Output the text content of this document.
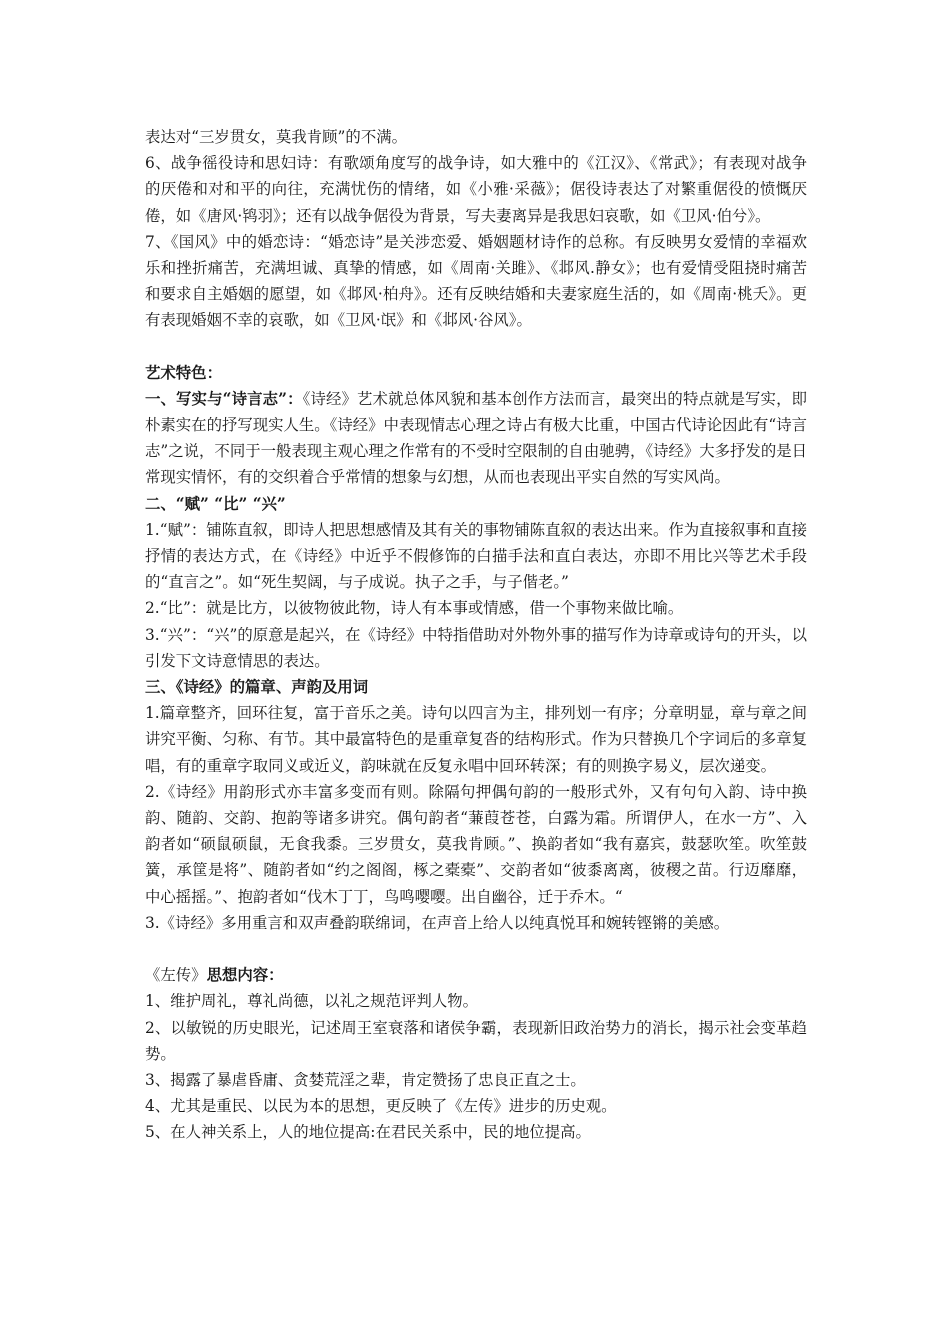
表达对“三岁贯女，莫我肯顾”的不满。

6、战争徭役诗和思妇诗：有歌颂角度写的战争诗，如大雅中的《江汉》、《常武》；有表现对战争的厌倦和对和平的向往，充满忧伤的情绪，如《小雅·采薇》；倨役诗表达了对繁重倨役的愤慨厌倦，如《唐风·鸨羽》；还有以战争倨役为背景，写夫妻离异是我思妇哀歌，如《卫风·伯兮》。

7、《国风》中的婚恋诗：“婚恋诗”是关涉恋爱、婚姻题材诗作的总称。有反映男女爱情的幸福欢乐和挫折痛苦，充满坦诚、真挚的情感，如《周南·关雎》、《邶风.静女》；也有爱情受阻挠时痛苦和要求自主婚姻的愿望，如《邶风·柏舟》。还有反映结婚和夫妻家庭生活的，如《周南·桃夭》。更有表现婚姻不幸的哀歌，如《卫风·氓》和《邶风·谷风》。

艺术特色：

一、写实与“诗言志”：《诗经》艺术就总体风貌和基本创作方法而言，最突出的特点就是写实，即朴素实在的抒写现实人生。《诗经》中表现情志心理之诗占有极大比重，中国古代诗论因此有“诗言志”之说，不同于一般表现主观心理之作常有的不受时空限制的自由驰骋，《诗经》大多抒发的是日常现实情怀，有的交织着合乎常情的想象与幻想，从而也表现出平实自然的写实风尚。

二、“赋” “比” “兴”

1.“赋”：铺陈直叙，即诗人把思想感情及其有关的事物铺陈直叙的表达出来。作为直接叙事和直接抒情的表达方式，在《诗经》中近乎不假修饰的白描手法和直白表达，亦即不用比兴等艺术手段的“直言之”。如“死生契阔，与子成说。执子之手，与子偕老。”

2.“比”：就是比方，以彼物彼此物，诗人有本事或情感，借一个事物来做比喻。

3.“兴”：“兴”的原意是起兴，在《诗经》中特指借助对外物外事的描写作为诗章或诗句的开头，以引发下文诗意情思的表达。

三、《诗经》的篇章、声韵及用词

1.篇章整齐，回环往复，富于音乐之美。诗句以四言为主，排列划一有序；分章明显，章与章之间讲究平衡、匀称、有节。其中最富特色的是重章复沓的结构形式。作为只替换几个字词后的多章复唱，有的重章字取同义或近义，韵味就在反复永唱中回环转深；有的则换字易义，层次递变。

2.《诗经》用韵形式亦丰富多变而有则。除隔句押偶句韵的一般形式外，又有句句入韵、诗中换韵、随韵、交韵、抱韵等诸多讲究。偶句韵者“蒹葭苍苍，白露为霜。所谓伊人，在水一方”、入韵者如“硕鼠硕鼠，无食我黍。三岁贯女，莫我肯顾。”、换韵者如“我有嘉宾，鼓瑟吹笙。吹笙鼓簧，承筐是将”、随韵者如“约之阁阁，椓之橐橐”、交韵者如“彼黍离离，彼稷之苗。行迈靡靡，中心摇摇。”、抱韵者如“伐木丁丁，鸟鸣嘤嘤。出自幽谷，迁于乔木。“

3.《诗经》多用重言和双声叠韵联绵词，在声音上给人以纯真悦耳和婉转铿锵的美感。

《左传》思想内容：

1、维护周礼，尊礼尚德，以礼之规范评判人物。

2、以敏锐的历史眼光，记述周王室衰落和诸侯争霸，表现新旧政治势力的消长，揭示社会变革趋势。

3、揭露了暴虐昏庸、贪婪荒淫之辈，肯定赞扬了忠良正直之士。

4、尤其是重民、以民为本的思想，更反映了《左传》进步的历史观。

5、在人神关系上，人的地位提高:在君民关系中，民的地位提高。
